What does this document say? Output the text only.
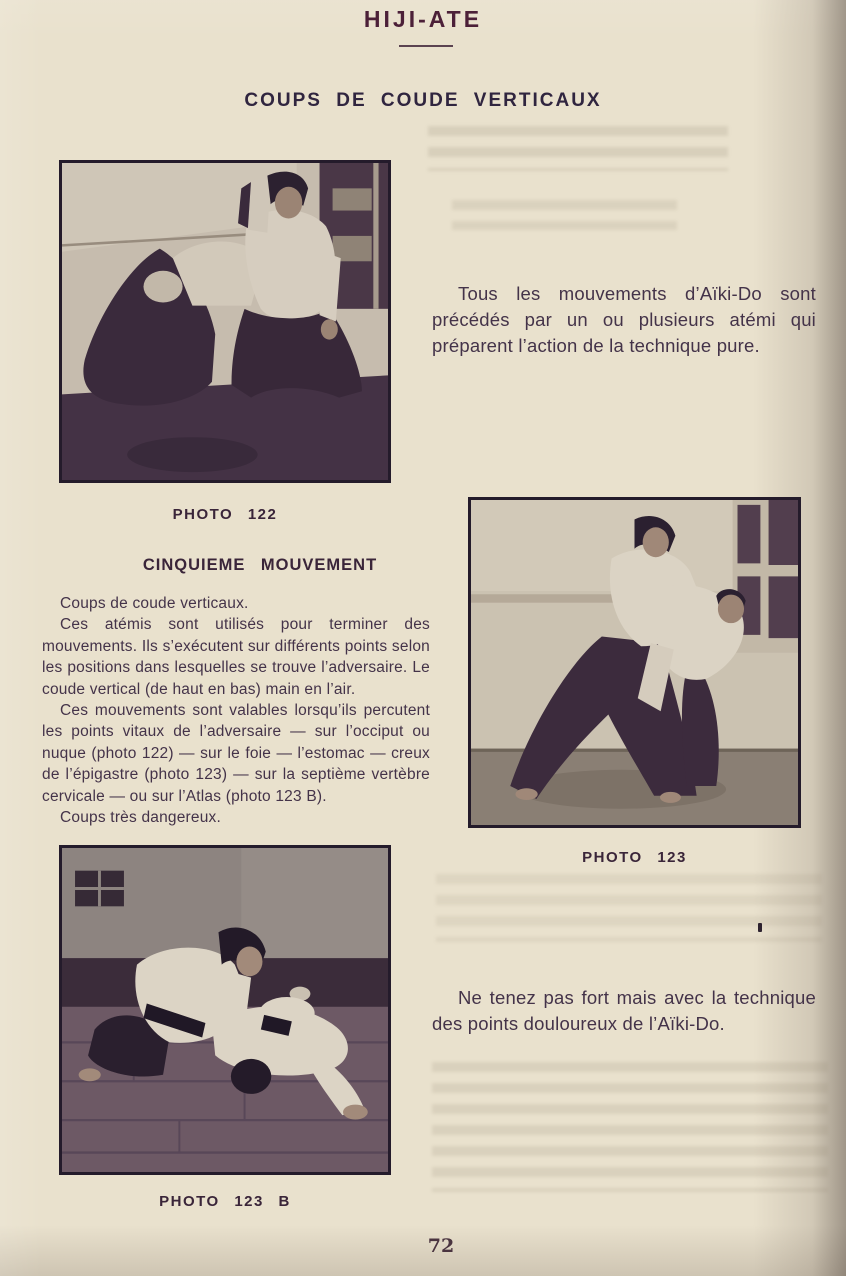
HIJI-ATE
COUPS DE COUDE VERTICAUX
PHOTO 122
PHOTO 123
PHOTO 123 B

Tous les mouvements d’Aïki-Do sont précédés par un ou plusieurs atémi qui préparent l’action de la technique pure.

CINQUIEME MOUVEMENT

Coups de coude verticaux.

Ces atémis sont utilisés pour terminer des mouvements. Ils s’exécutent sur différents points selon les positions dans lesquelles se trouve l’adversaire. Le coude vertical (de haut en bas) main en l’air.

Ces mouvements sont valables lorsqu’ils percutent les points vitaux de l’adversaire — sur l’occiput ou nuque (photo 122) — sur le foie — l’estomac — creux de l’épigastre (photo 123) — sur la septième vertèbre cervicale — ou sur l’Atlas (photo 123 B).

Coups très dangereux.

Ne tenez pas fort mais avec la technique des points douloureux de l’Aïki-Do.

72
